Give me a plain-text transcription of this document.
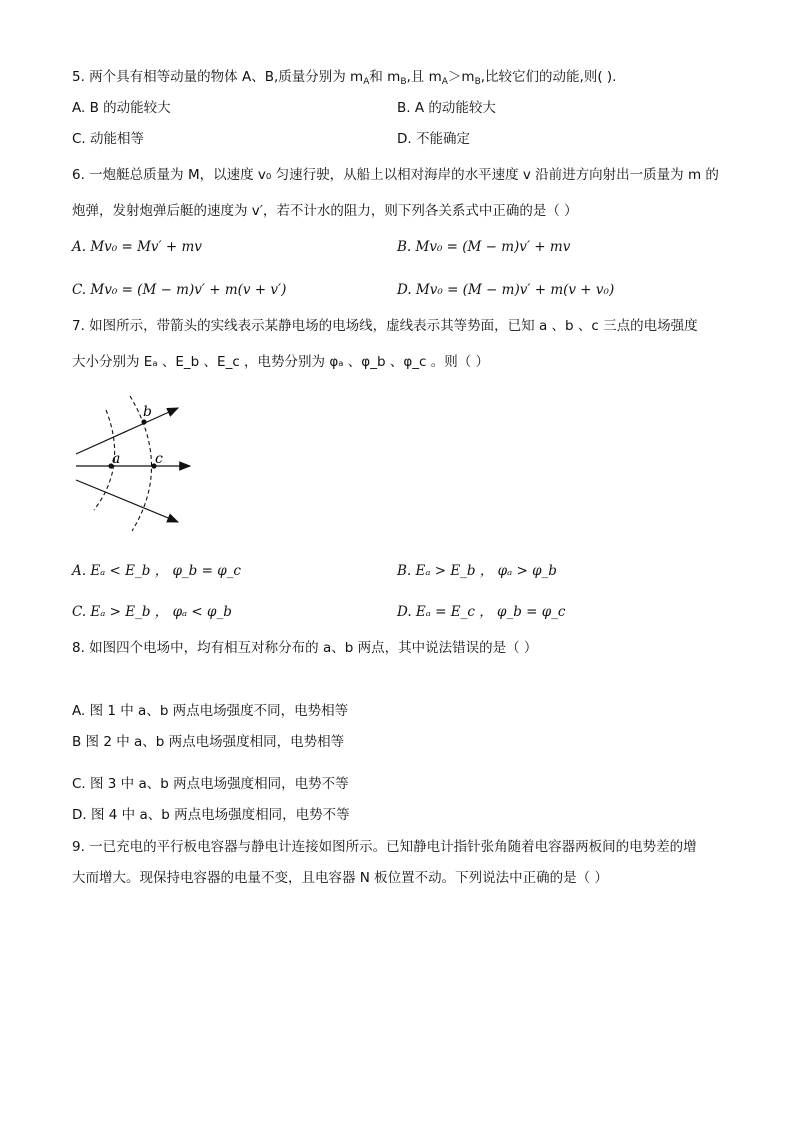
5. 两个具有相等动量的物体 A、B,质量分别为 $m_A$和 $m_B$,且 $m_A>m_B$,比较它们的动能,则( ).
A. B 的动能较大	B. A 的动能较大
C. 动能相等	D. 不能确定
6. 一炮艇总质量为 M，以速度 v₀ 匀速行驶，从船上以相对海岸的水平速度 v 沿前进方向射出一质量为 m 的
炮弹，发射炮弹后艇的速度为 v′，若不计水的阻力，则下列各关系式中正确的是（ ）
A. Mv₀ = Mv′ + mv	B. Mv₀ = (M − m)v′ + mv
C. Mv₀ = (M − m)v′ + m(v + v′)	D. Mv₀ = (M − m)v′ + m(v + v₀)
7. 如图所示，带箭头的实线表示某静电场的电场线，虚线表示其等势面，已知 a 、b 、c 三点的电场强度
大小分别为 Eₐ 、E_b 、E_c ，电势分别为 φₐ 、φ_b 、φ_c 。则（ ）
b
a c
A. Eₐ < E_b ， φ_b = φ_c	B. Eₐ > E_b ， φₐ > φ_b
C. Eₐ > E_b ， φₐ < φ_b	D. Eₐ = E_c ， φ_b = φ_c
8. 如图四个电场中，均有相互对称分布的 a、b 两点，其中说法错误的是（ ）
A. 图 1 中 a、b 两点电场强度不同，电势相等
B 图 2 中 a、b 两点电场强度相同，电势相等
C. 图 3 中 a、b 两点电场强度相同，电势不等
D. 图 4 中 a、b 两点电场强度相同，电势不等
9. 一已充电的平行板电容器与静电计连接如图所示。已知静电计指针张角随着电容器两板间的电势差的增
大而增大。现保持电容器的电量不变，且电容器 N 板位置不动。下列说法中正确的是（ ）
